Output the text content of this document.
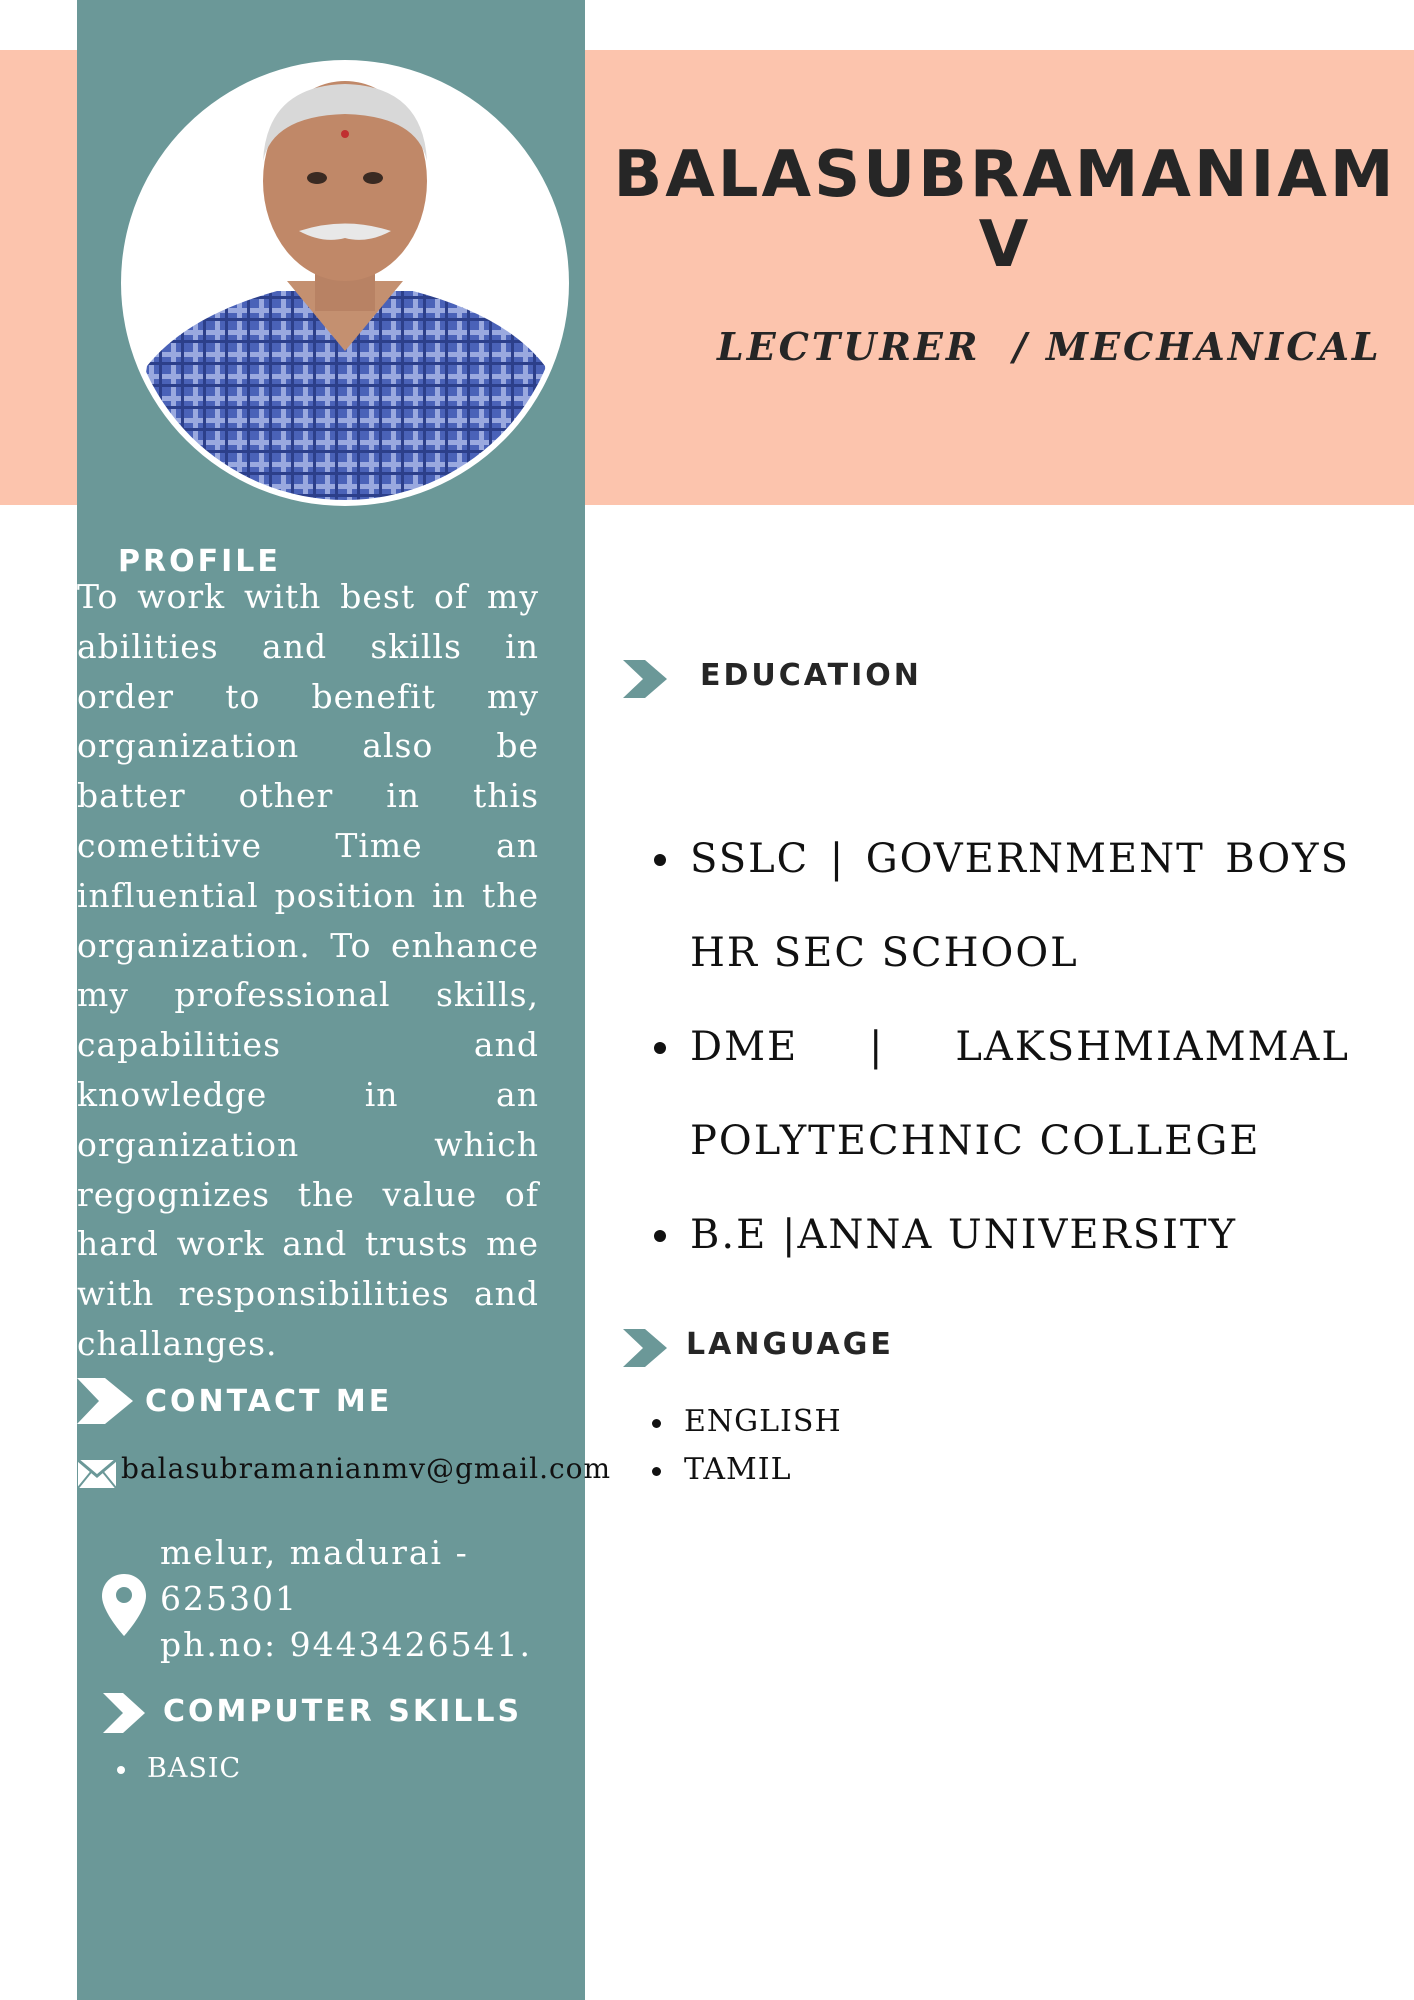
BALASUBRAMANIAM V
LECTURER  / MECHANICAL
PROFILE
To work with best of my abilities and skills in order to benefit my organization also be batter other in this cometitive Time an influential position in the organization. To enhance my professional skills, capabilities and knowledge in an organization which regognizes the value of hard work and trusts me with responsibilities and challanges.
CONTACT ME
balasubramanianmv@gmail.com
melur, madurai -
625301
ph.no: 9443426541.
COMPUTER SKILLS
BASIC
EDUCATION
SSLC | GOVERNMENT BOYS HR SEC SCHOOL
DME | LAKSHMIAMMAL POLYTECHNIC COLLEGE
B.E |ANNA UNIVERSITY
LANGUAGE
ENGLISH
TAMIL
